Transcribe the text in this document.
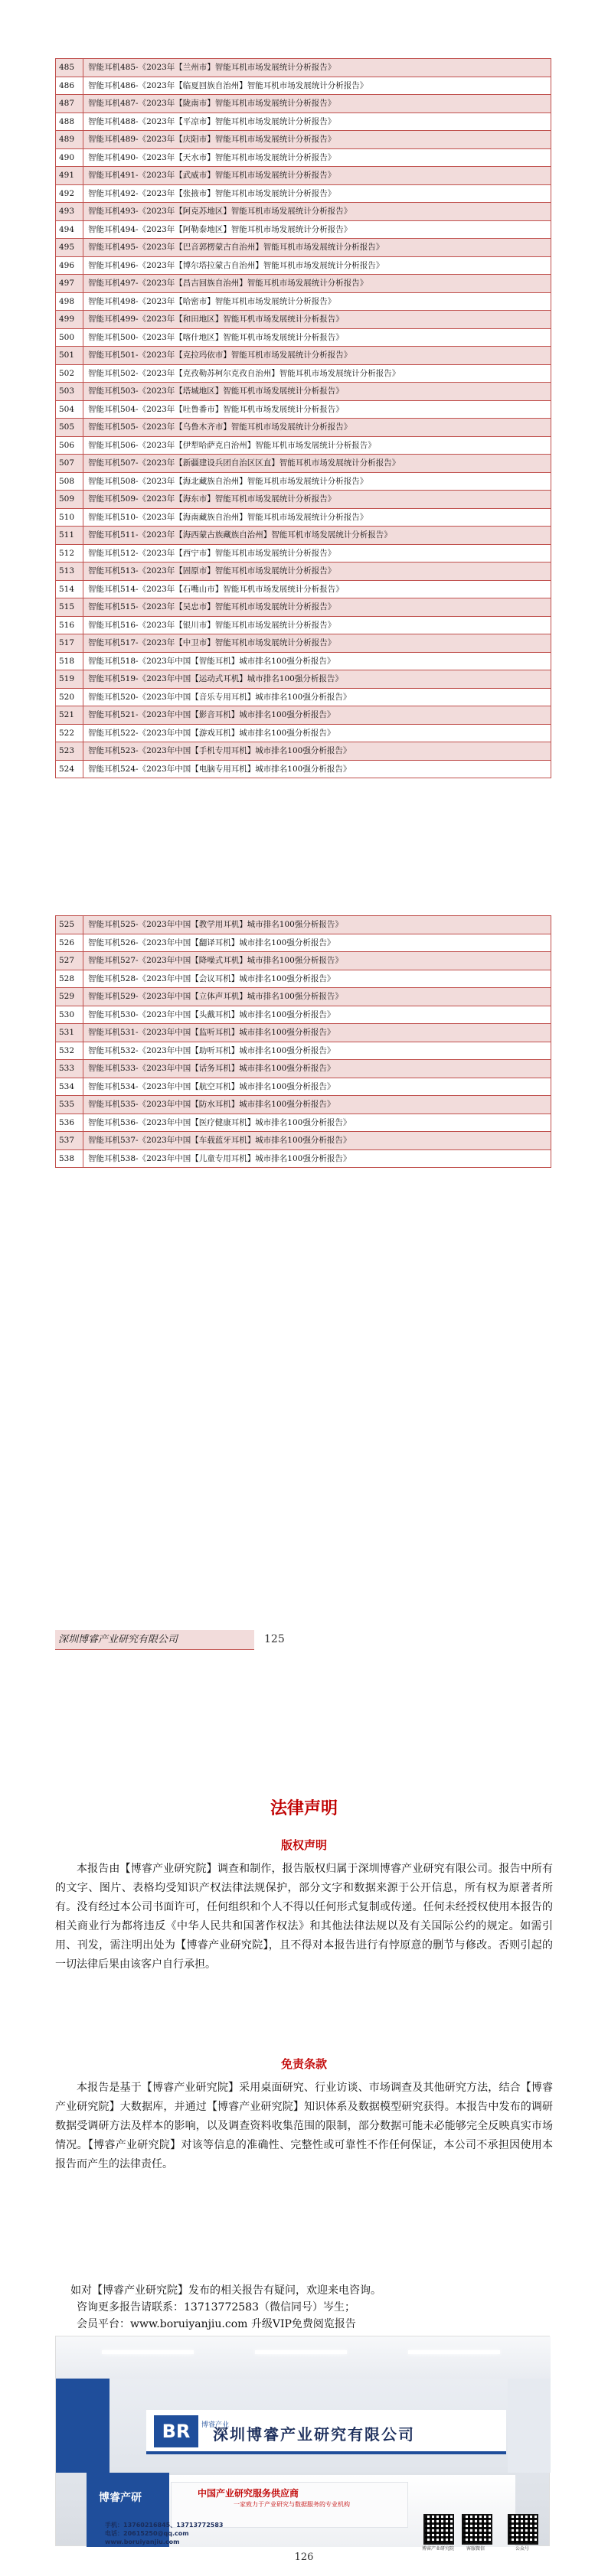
485	智能耳机485-《2023年【兰州市】智能耳机市场发展统计分析报告》
486	智能耳机486-《2023年【临夏回族自治州】智能耳机市场发展统计分析报告》
487	智能耳机487-《2023年【陇南市】智能耳机市场发展统计分析报告》
488	智能耳机488-《2023年【平凉市】智能耳机市场发展统计分析报告》
489	智能耳机489-《2023年【庆阳市】智能耳机市场发展统计分析报告》
490	智能耳机490-《2023年【天水市】智能耳机市场发展统计分析报告》
491	智能耳机491-《2023年【武威市】智能耳机市场发展统计分析报告》
492	智能耳机492-《2023年【张掖市】智能耳机市场发展统计分析报告》
493	智能耳机493-《2023年【阿克苏地区】智能耳机市场发展统计分析报告》
494	智能耳机494-《2023年【阿勒泰地区】智能耳机市场发展统计分析报告》
495	智能耳机495-《2023年【巴音郭楞蒙古自治州】智能耳机市场发展统计分析报告》
496	智能耳机496-《2023年【博尔塔拉蒙古自治州】智能耳机市场发展统计分析报告》
497	智能耳机497-《2023年【昌吉回族自治州】智能耳机市场发展统计分析报告》
498	智能耳机498-《2023年【哈密市】智能耳机市场发展统计分析报告》
499	智能耳机499-《2023年【和田地区】智能耳机市场发展统计分析报告》
500	智能耳机500-《2023年【喀什地区】智能耳机市场发展统计分析报告》
501	智能耳机501-《2023年【克拉玛依市】智能耳机市场发展统计分析报告》
502	智能耳机502-《2023年【克孜勒苏柯尔克孜自治州】智能耳机市场发展统计分析报告》
503	智能耳机503-《2023年【塔城地区】智能耳机市场发展统计分析报告》
504	智能耳机504-《2023年【吐鲁番市】智能耳机市场发展统计分析报告》
505	智能耳机505-《2023年【乌鲁木齐市】智能耳机市场发展统计分析报告》
506	智能耳机506-《2023年【伊犁哈萨克自治州】智能耳机市场发展统计分析报告》
507	智能耳机507-《2023年【新疆建设兵团自治区区直】智能耳机市场发展统计分析报告》
508	智能耳机508-《2023年【海北藏族自治州】智能耳机市场发展统计分析报告》
509	智能耳机509-《2023年【海东市】智能耳机市场发展统计分析报告》
510	智能耳机510-《2023年【海南藏族自治州】智能耳机市场发展统计分析报告》
511	智能耳机511-《2023年【海西蒙古族藏族自治州】智能耳机市场发展统计分析报告》
512	智能耳机512-《2023年【西宁市】智能耳机市场发展统计分析报告》
513	智能耳机513-《2023年【固原市】智能耳机市场发展统计分析报告》
514	智能耳机514-《2023年【石嘴山市】智能耳机市场发展统计分析报告》
515	智能耳机515-《2023年【吴忠市】智能耳机市场发展统计分析报告》
516	智能耳机516-《2023年【银川市】智能耳机市场发展统计分析报告》
517	智能耳机517-《2023年【中卫市】智能耳机市场发展统计分析报告》
518	智能耳机518-《2023年中国【智能耳机】城市排名100强分析报告》
519	智能耳机519-《2023年中国【运动式耳机】城市排名100强分析报告》
520	智能耳机520-《2023年中国【音乐专用耳机】城市排名100强分析报告》
521	智能耳机521-《2023年中国【影音耳机】城市排名100强分析报告》
522	智能耳机522-《2023年中国【游戏耳机】城市排名100强分析报告》
523	智能耳机523-《2023年中国【手机专用耳机】城市排名100强分析报告》
524	智能耳机524-《2023年中国【电脑专用耳机】城市排名100强分析报告》
525	智能耳机525-《2023年中国【教学用耳机】城市排名100强分析报告》
526	智能耳机526-《2023年中国【翻译耳机】城市排名100强分析报告》
527	智能耳机527-《2023年中国【降噪式耳机】城市排名100强分析报告》
528	智能耳机528-《2023年中国【会议耳机】城市排名100强分析报告》
529	智能耳机529-《2023年中国【立体声耳机】城市排名100强分析报告》
530	智能耳机530-《2023年中国【头戴耳机】城市排名100强分析报告》
531	智能耳机531-《2023年中国【监听耳机】城市排名100强分析报告》
532	智能耳机532-《2023年中国【助听耳机】城市排名100强分析报告》
533	智能耳机533-《2023年中国【话务耳机】城市排名100强分析报告》
534	智能耳机534-《2023年中国【航空耳机】城市排名100强分析报告》
535	智能耳机535-《2023年中国【防水耳机】城市排名100强分析报告》
536	智能耳机536-《2023年中国【医疗健康耳机】城市排名100强分析报告》
537	智能耳机537-《2023年中国【车载蓝牙耳机】城市排名100强分析报告》
538	智能耳机538-《2023年中国【儿童专用耳机】城市排名100强分析报告》
深圳博睿产业研究有限公司	125
法律声明
版权声明

本报告由【博睿产业研究院】调查和制作，报告版权归属于深圳博睿产业研究有限公司。报告中所有的文字、图片、表格均受知识产权法律法规保护，部分文字和数据来源于公开信息，所有权为原著者所有。没有经过本公司书面许可，任何组织和个人不得以任何形式复制或传递。任何未经授权使用本报告的相关商业行为都将违反《中华人民共和国著作权法》和其他法律法规以及有关国际公约的规定。如需引用、刊发，需注明出处为【博睿产业研究院】，且不得对本报告进行有悖原意的删节与修改。否则引起的一切法律后果由该客户自行承担。

免责条款

本报告是基于【博睿产业研究院】采用桌面研究、行业访谈、市场调查及其他研究方法，结合【博睿产业研究院】大数据库，并通过【博睿产业研究院】知识体系及数据模型研究获得。本报告中发布的调研数据受调研方法及样本的影响，以及调查资料收集范围的限制，部分数据可能未必能够完全反映真实市场情况。【博睿产业研究院】对该等信息的准确性、完整性或可靠性不作任何保证，本公司不承担因使用本报告而产生的法律责任。

如对【博睿产业研究院】发布的相关报告有疑问，欢迎来电咨询。
咨询更多报告请联系：13713772583（微信同号）岑生；
会员平台：www.boruiyanjiu.com 升级VIP免费阅览报告
BR	博睿产业
深圳博睿产业研究有限公司
博睿产研	中国产业研究服务供应商
一家致力于产业研究与数据服务的专业机构
手机：13760216845、13713772583
电话：20615250@qq.com
www.boruiyanjiu.com
博睿产业研究院	客服微信	公众号
126
